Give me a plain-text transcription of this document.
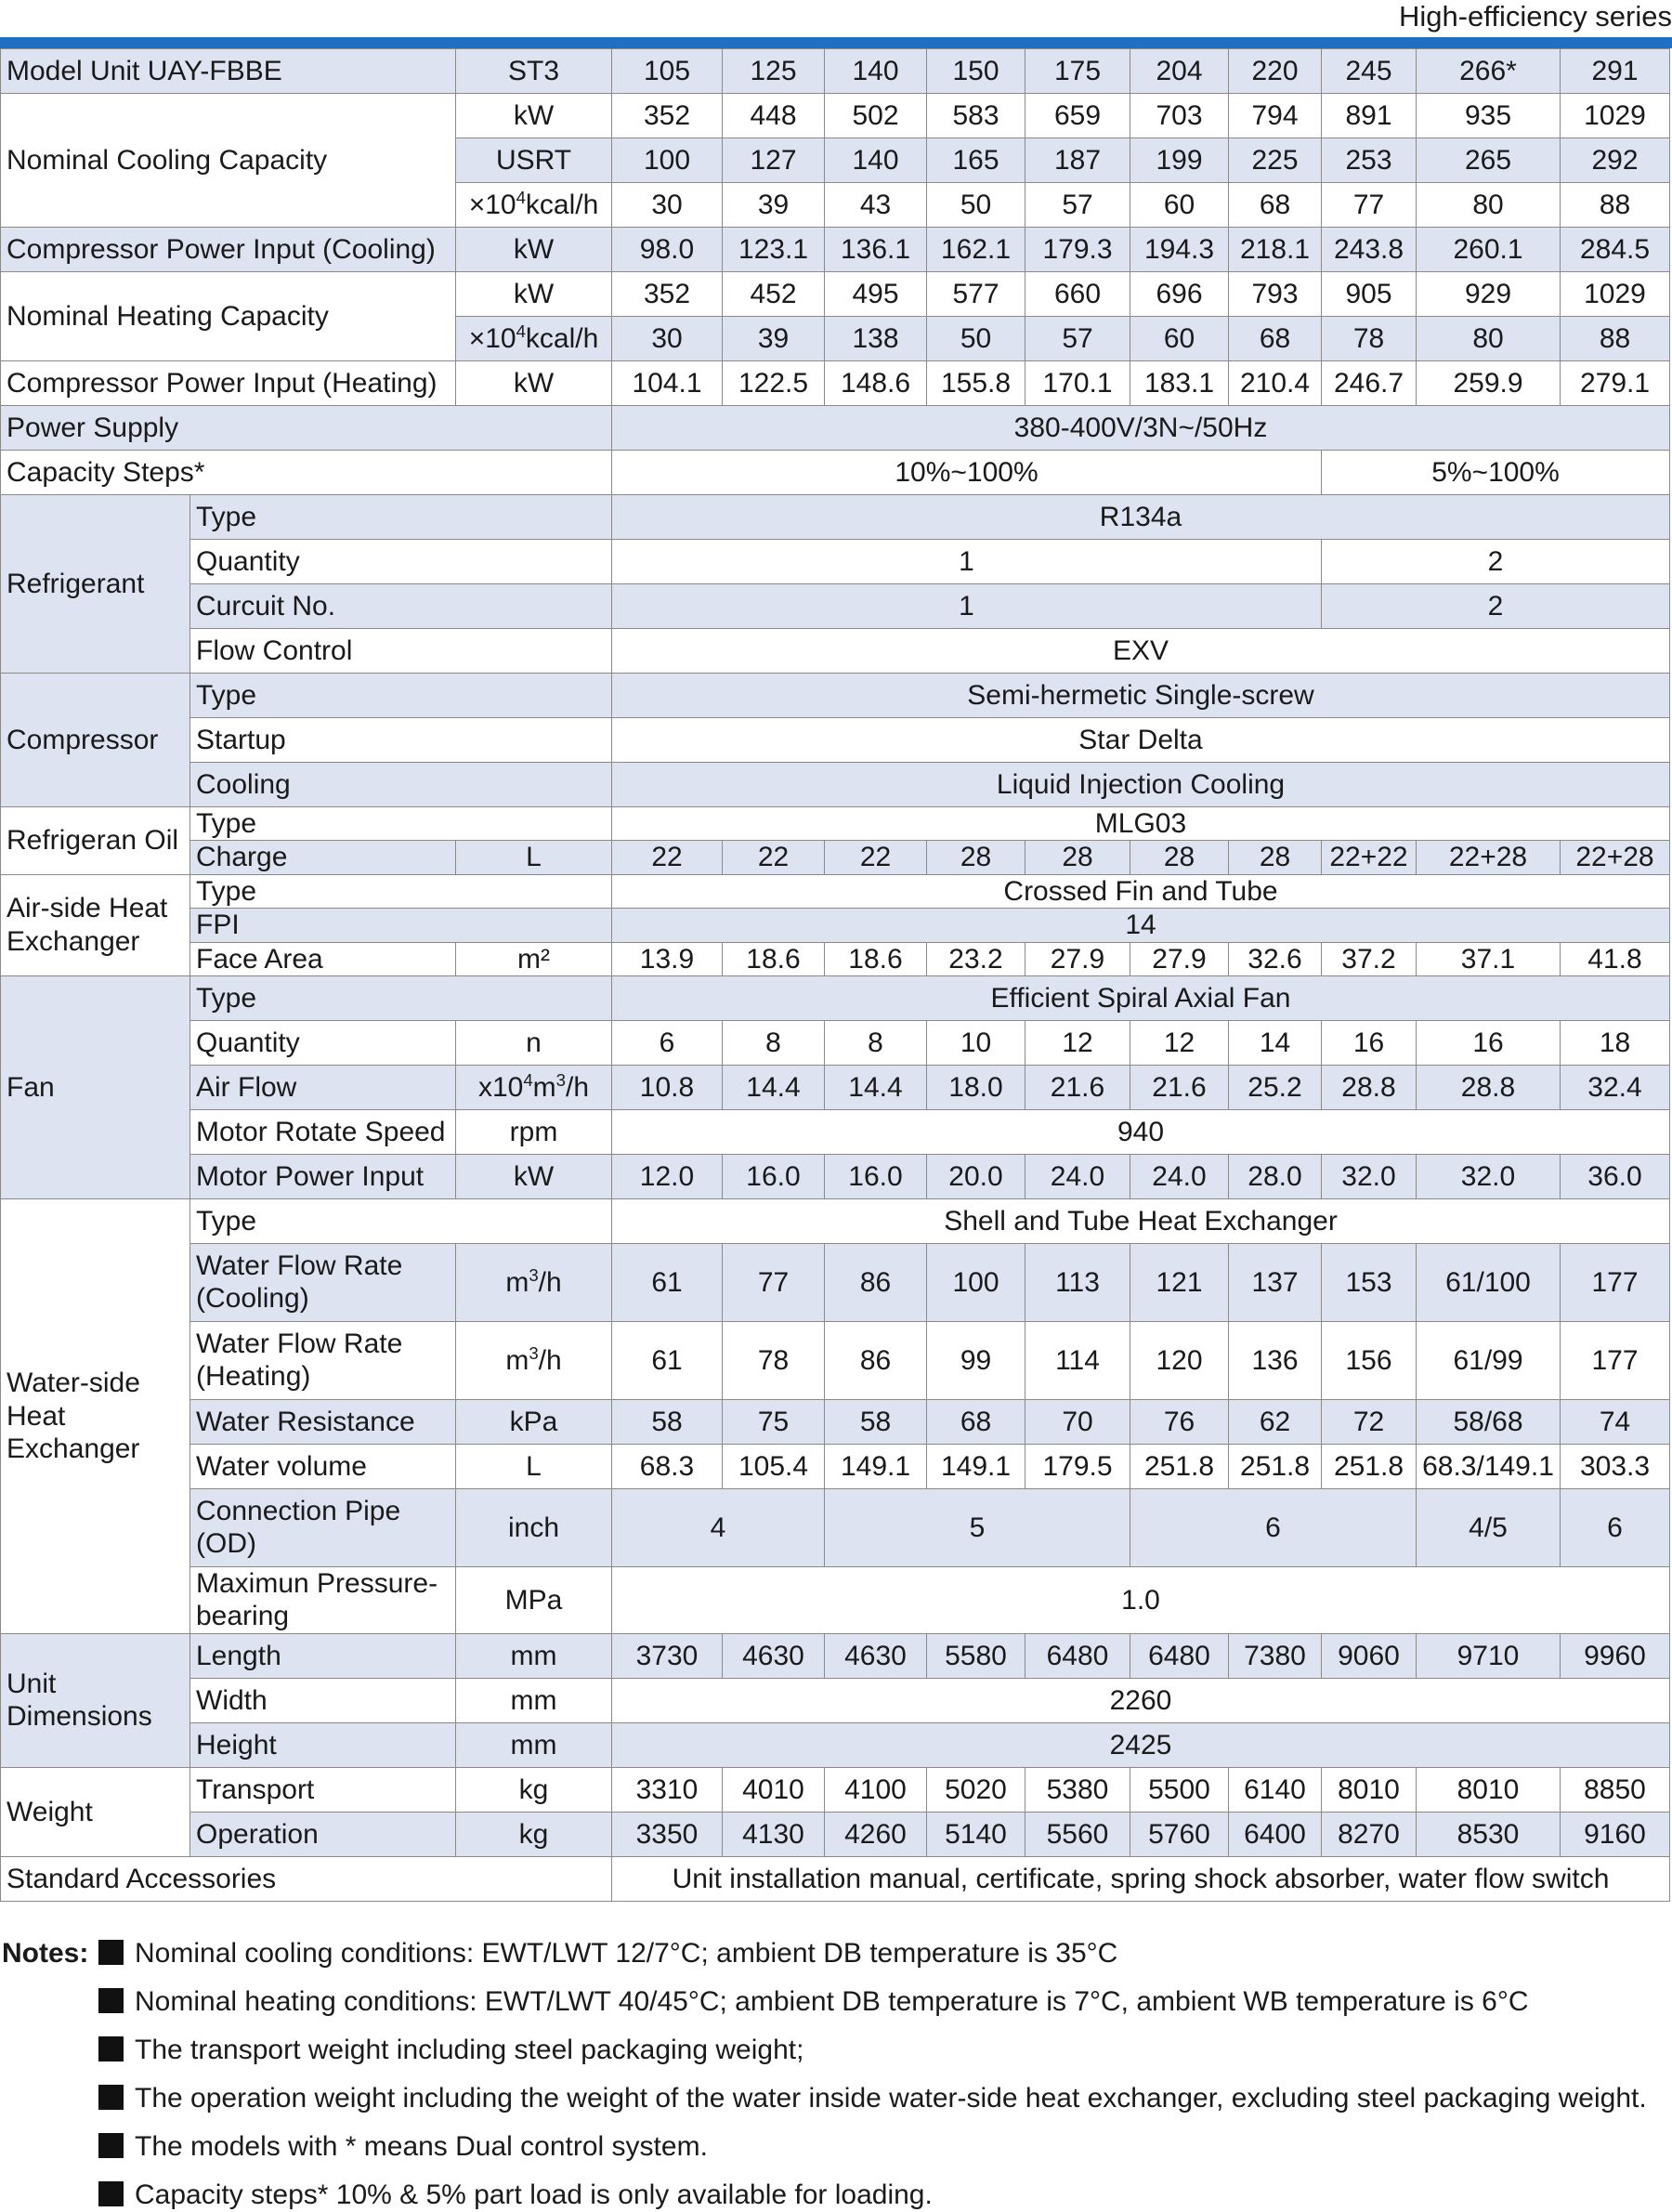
High-efficiency series
Model Unit UAY-FBBE		ST3	105	125	140	150	175	204	220	245	266*	291
Nominal Cooling Capacity		kW	352	448	502	583	659	703	794	891	935	1029
		USRT	100	127	140	165	187	199	225	253	265	292
		$\times 10^4kcal/h$	30	39	43	50	57	60	68	77	80	88
Compressor Power Input (Cooling)		kW	98.0	123.1	136.1	162.1	179.3	194.3	218.1	243.8	260.1	284.5
Nominal Heating Capacity		kW	352	452	495	577	660	696	793	905	929	1029
		$\times 10^4kcal/h$	30	39	138	50	57	60	68	78	80	88
Compressor Power Input (Heating)		kW	104.1	122.5	148.6	155.8	170.1	183.1	210.4	246.7	259.9	279.1
Power Supply			380-400V/3N~/50Hz									
Capacity Steps*			10%~100%							5%~100%		
Refrigerant	Type		R134a									
	Quantity		1							2		
	Curcuit No.		1							2		
	Flow Control		EXV									
Compressor	Type		Semi-hermetic Single-screw									
	Startup		Star Delta									
	Cooling		Liquid Injection Cooling									
Refrigeran Oil	Type		MLG03									
	Charge	L	22	22	22	28	28	28	28	22+22	22+28	22+28
Air-side Heat Exchanger	Type		Crossed Fin and Tube									
	FPI		14									
	Face Area	m²	13.9	18.6	18.6	23.2	27.9	27.9	32.6	37.2	37.1	41.8
Fan	Type		Efficient Spiral Axial Fan									
	Quantity	n	6	8	8	10	12	12	14	16	16	18
	Air Flow	$x10^4m^3/h$	10.8	14.4	14.4	18.0	21.6	21.6	25.2	28.8	28.8	32.4
	Motor Rotate Speed	rpm	940									
	Motor Power Input	kW	12.0	16.0	16.0	20.0	24.0	24.0	28.0	32.0	32.0	36.0
Water-side Heat Exchanger	Type		Shell and Tube Heat Exchanger									
	Water Flow Rate (Cooling)	$m^3/h$	61	77	86	100	113	121	137	153	61/100	177
	Water Flow Rate (Heating)	$m^3/h$	61	78	86	99	114	120	136	156	61/99	177
	Water Resistance	kPa	58	75	58	68	70	76	62	72	58/68	74
	Water volume	L	68.3	105.4	149.1	149.1	179.5	251.8	251.8	251.8	68.3/149.1	303.3
	Connection Pipe (OD)	inch	4		5			6			4/5	6
	Maximun Pressure-bearing	MPa	1.0									
Unit Dimensions	Length	mm	3730	4630	4630	5580	6480	6480	7380	9060	9710	9960
	Width	mm	2260									
	Height	mm	2425									
Weight	Transport	kg	3310	4010	4100	5020	5380	5500	6140	8010	8010	8850
	Operation	kg	3350	4130	4260	5140	5560	5760	6400	8270	8530	9160
Standard Accessories			Unit installation manual, certificate, spring shock absorber, water flow switch									
Notes:	Nominal cooling conditions: EWT/LWT 12/7°C; ambient DB temperature is 35°C
Nominal heating conditions: EWT/LWT 40/45°C; ambient DB temperature is 7°C, ambient WB temperature is 6°C
The transport weight including steel packaging weight;
The operation weight including the weight of the water inside water-side heat exchanger, excluding steel packaging weight.
The models with * means Dual control system.
Capacity steps* 10% & 5% part load is only available for loading.
